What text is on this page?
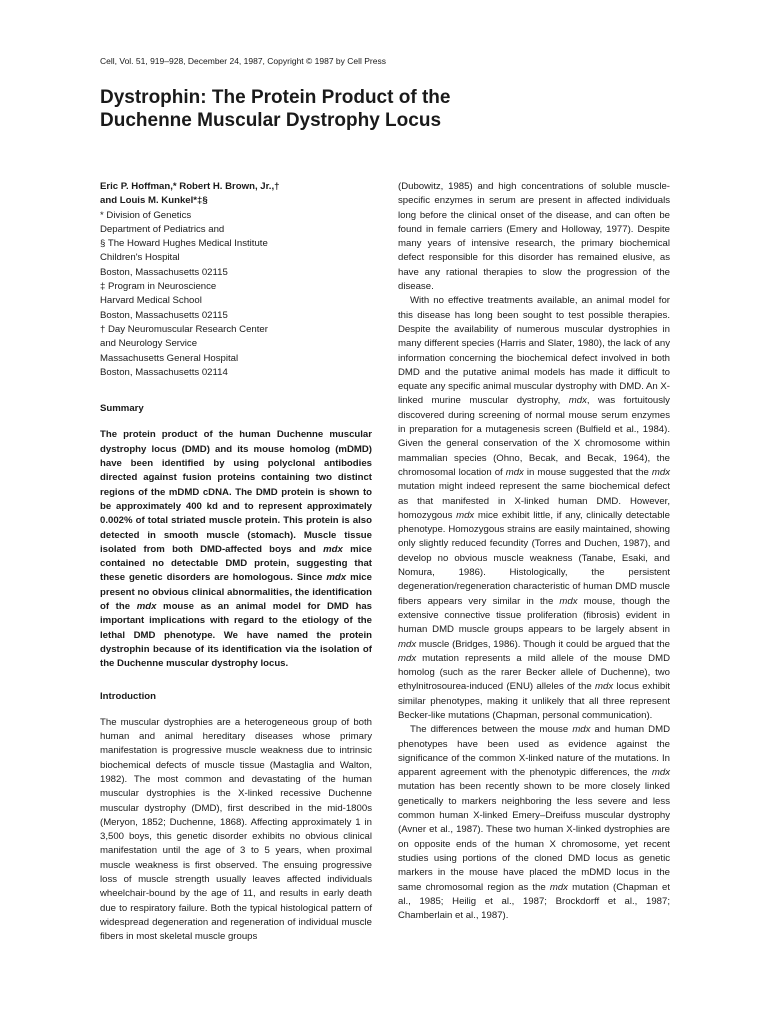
Cell, Vol. 51, 919–928, December 24, 1987, Copyright © 1987 by Cell Press
Dystrophin: The Protein Product of the
Duchenne Muscular Dystrophy Locus
Eric P. Hoffman,* Robert H. Brown, Jr.,†
and Louis M. Kunkel*‡§
* Division of Genetics
Department of Pediatrics and
§ The Howard Hughes Medical Institute
Children's Hospital
Boston, Massachusetts 02115
‡ Program in Neuroscience
Harvard Medical School
Boston, Massachusetts 02115
† Day Neuromuscular Research Center
and Neurology Service
Massachusetts General Hospital
Boston, Massachusetts 02114
Summary

The protein product of the human Duchenne muscular dystrophy locus (DMD) and its mouse homolog (mDMD) have been identified by using polyclonal antibodies directed against fusion proteins containing two distinct regions of the mDMD cDNA. The DMD protein is shown to be approximately 400 kd and to represent approximately 0.002% of total striated muscle protein. This protein is also detected in smooth muscle (stomach). Muscle tissue isolated from both DMD-affected boys and mdx mice contained no detectable DMD protein, suggesting that these genetic disorders are homologous. Since mdx mice present no obvious clinical abnormalities, the identification of the mdx mouse as an animal model for DMD has important implications with regard to the etiology of the lethal DMD phenotype. We have named the protein dystrophin because of its identification via the isolation of the Duchenne muscular dystrophy locus.

Introduction

The muscular dystrophies are a heterogeneous group of both human and animal hereditary diseases whose primary manifestation is progressive muscle weakness due to intrinsic biochemical defects of muscle tissue (Mastaglia and Walton, 1982). The most common and devastating of the human muscular dystrophies is the X-linked recessive Duchenne muscular dystrophy (DMD), first described in the mid-1800s (Meryon, 1852; Duchenne, 1868). Affecting approximately 1 in 3,500 boys, this genetic disorder exhibits no obvious clinical manifestation until the age of 3 to 5 years, when proximal muscle weakness is first observed. The ensuing progressive loss of muscle strength usually leaves affected individuals wheelchair-bound by the age of 11, and results in early death due to respiratory failure. Both the typical histological pattern of widespread degeneration and regeneration of individual muscle fibers in most skeletal muscle groups

(Dubowitz, 1985) and high concentrations of soluble muscle-specific enzymes in serum are present in affected individuals long before the clinical onset of the disease, and can often be found in female carriers (Emery and Holloway, 1977). Despite many years of intensive research, the primary biochemical defect responsible for this disorder has remained elusive, as have any rational therapies to slow the progression of the disease.

With no effective treatments available, an animal model for this disease has long been sought to test possible therapies. Despite the availability of numerous muscular dystrophies in many different species (Harris and Slater, 1980), the lack of any information concerning the biochemical defect involved in both DMD and the putative animal models has made it difficult to equate any specific animal muscular dystrophy with DMD. An X-linked murine muscular dystrophy, mdx, was fortuitously discovered during screening of normal mouse serum enzymes in preparation for a mutagenesis screen (Bulfield et al., 1984). Given the general conservation of the X chromosome within mammalian species (Ohno, Becak, and Becak, 1964), the chromosomal location of mdx in mouse suggested that the mdx mutation might indeed represent the same biochemical defect as that manifested in X-linked human DMD. However, homozygous mdx mice exhibit little, if any, clinically detectable phenotype. Homozygous strains are easily maintained, showing only slightly reduced fecundity (Torres and Duchen, 1987), and develop no obvious muscle weakness (Tanabe, Esaki, and Nomura, 1986). Histologically, the persistent degeneration/regeneration characteristic of human DMD muscle fibers appears very similar in the mdx mouse, though the extensive connective tissue proliferation (fibrosis) evident in human DMD muscle groups appears to be largely absent in mdx muscle (Bridges, 1986). Though it could be argued that the mdx mutation represents a mild allele of the mouse DMD homolog (such as the rarer Becker allele of Duchenne), two ethylnitrosourea-induced (ENU) alleles of the mdx locus exhibit similar phenotypes, making it unlikely that all three represent Becker-like mutations (Chapman, personal communication).

The differences between the mouse mdx and human DMD phenotypes have been used as evidence against the significance of the common X-linked nature of the mutations. In apparent agreement with the phenotypic differences, the mdx mutation has been recently shown to be more closely linked genetically to markers neighboring the less severe and less common human X-linked Emery–Dreifuss muscular dystrophy (Avner et al., 1987). These two human X-linked dystrophies are on opposite ends of the human X chromosome, yet recent studies using portions of the cloned DMD locus as genetic markers in the mouse have placed the mDMD locus in the same chromosomal region as the mdx mutation (Chapman et al., 1985; Heilig et al., 1987; Brockdorff et al., 1987; Chamberlain et al., 1987).
